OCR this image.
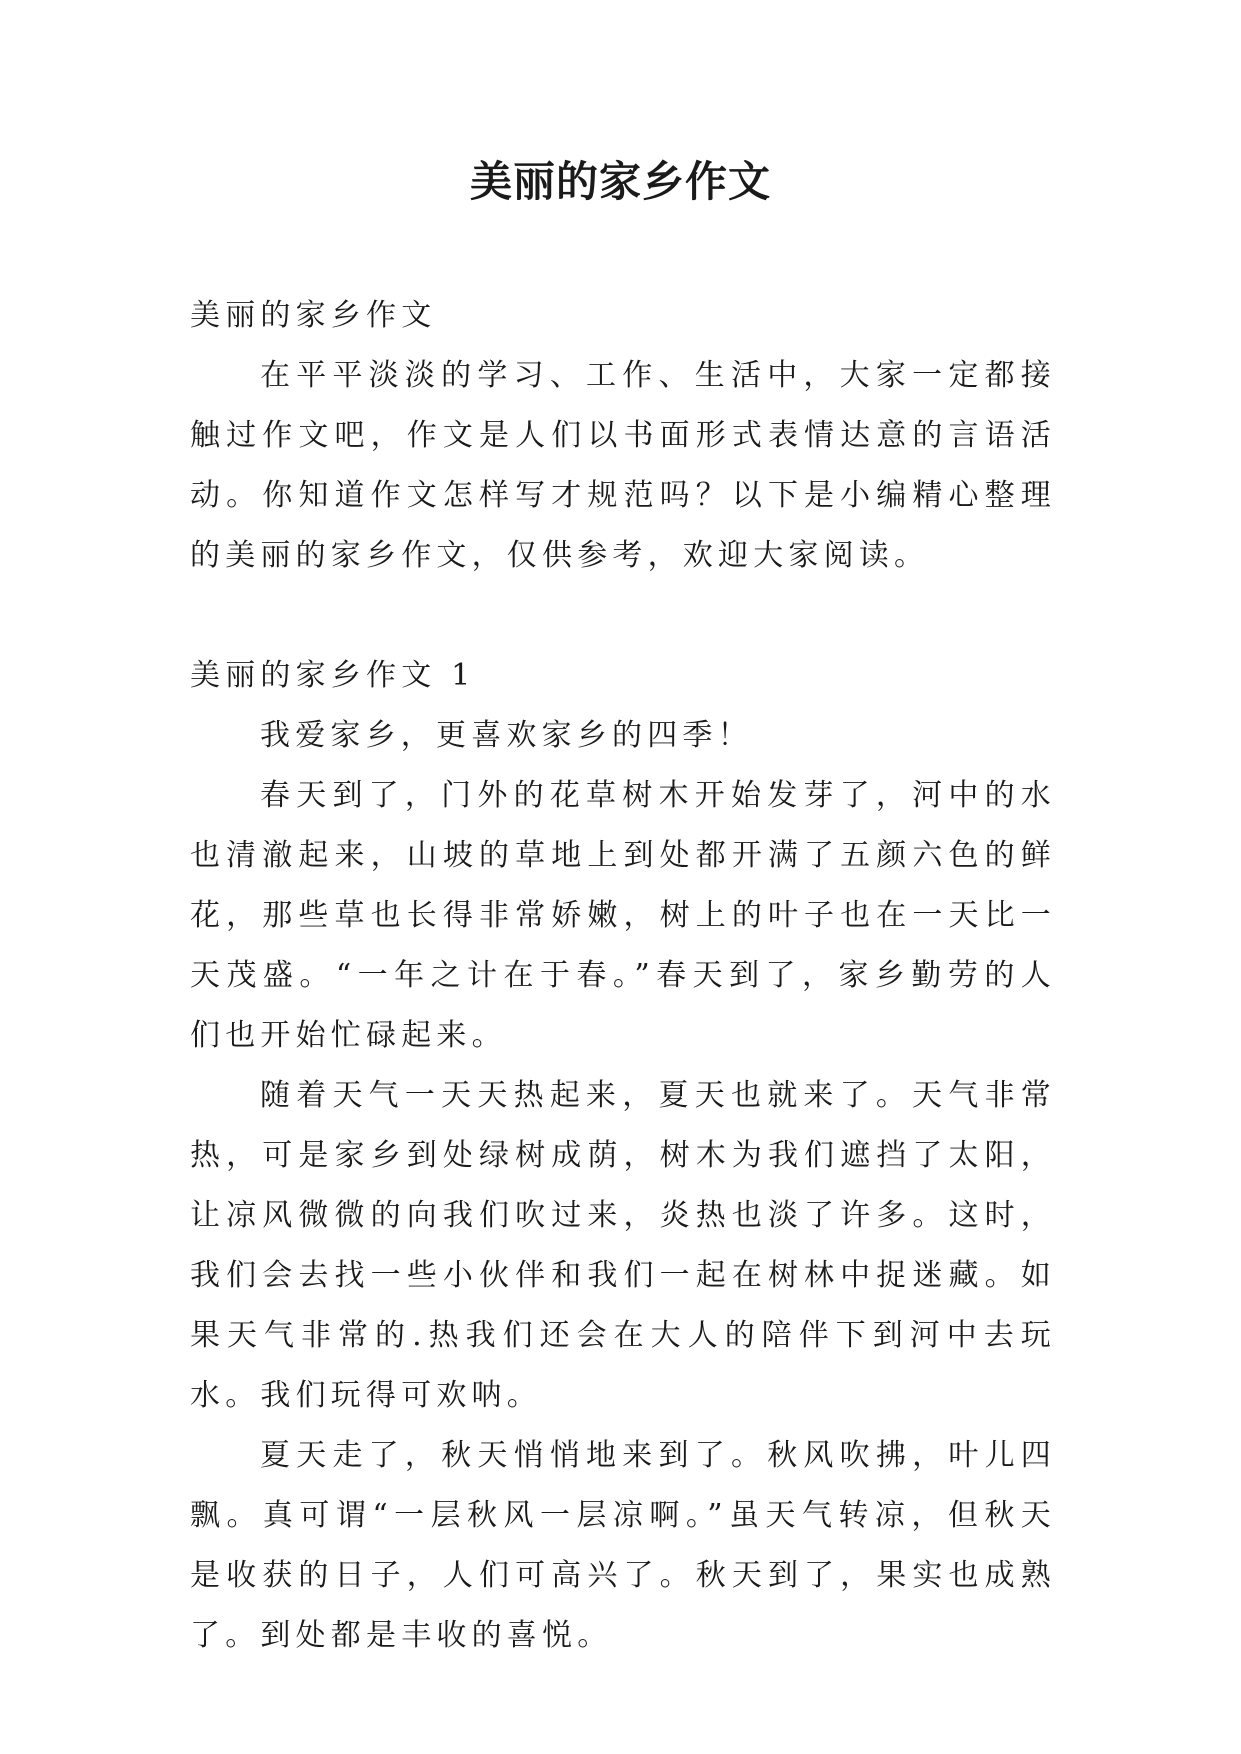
美丽的家乡作文

美丽的家乡作文

在平平淡淡的学习、工作、生活中，大家一定都接触过作文吧，作文是人们以书面形式表情达意的言语活动。你知道作文怎样写才规范吗？以下是小编精心整理的美丽的家乡作文，仅供参考，欢迎大家阅读。

美丽的家乡作文 1

我爱家乡，更喜欢家乡的四季！

春天到了，门外的花草树木开始发芽了，河中的水也清澈起来，山坡的草地上到处都开满了五颜六色的鲜花，那些草也长得非常娇嫩，树上的叶子也在一天比一天茂盛。“一年之计在于春。”春天到了，家乡勤劳的人们也开始忙碌起来。

随着天气一天天热起来，夏天也就来了。天气非常热，可是家乡到处绿树成荫，树木为我们遮挡了太阳，让凉风微微的向我们吹过来，炎热也淡了许多。这时，我们会去找一些小伙伴和我们一起在树林中捉迷藏。如果天气非常的.热我们还会在大人的陪伴下到河中去玩水。我们玩得可欢呐。

夏天走了，秋天悄悄地来到了。秋风吹拂，叶儿四飘。真可谓“一层秋风一层凉啊。”虽天气转凉，但秋天是收获的日子，人们可高兴了。秋天到了，果实也成熟了。到处都是丰收的喜悦。
